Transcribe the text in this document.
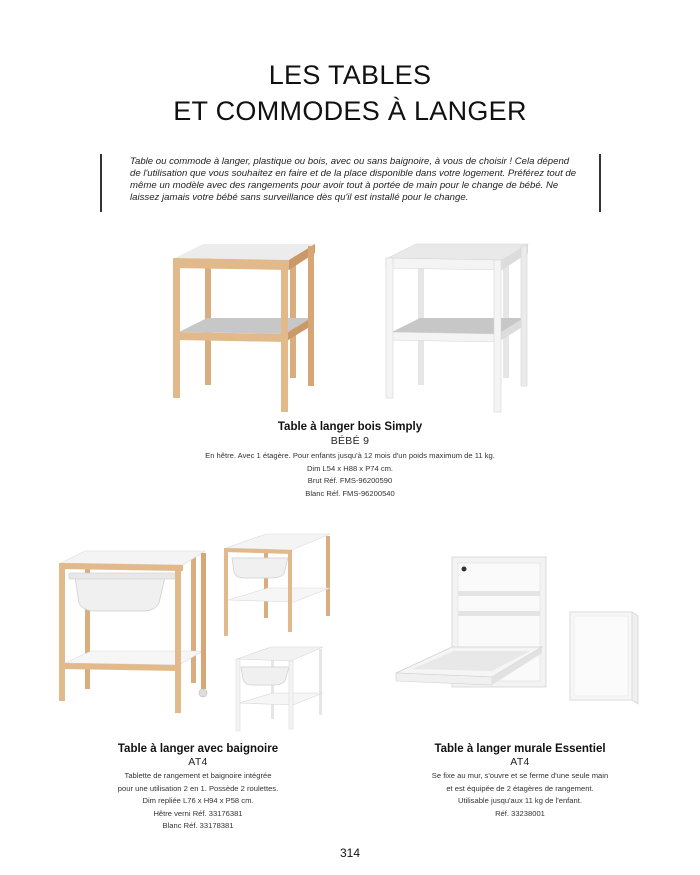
LES TABLES
ET COMMODES À LANGER
Table ou commode à langer, plastique ou bois, avec ou sans baignoire, à vous de choisir ! Cela dépend de l'utilisation que vous souhaitez en faire et de la place disponible dans votre logement. Préférez tout de même un modèle avec des rangements pour avoir tout à portée de main pour le change de bébé. Ne laissez jamais votre bébé sans surveillance dès qu'il est installé pour le change.
Table à langer bois Simply
BÉBÉ 9
En hêtre. Avec 1 étagère. Pour enfants jusqu'à 12 mois d'un poids maximum de 11 kg.
Dim L54 x H88 x P74 cm.
Brut Réf. FMS-96200590
Blanc Réf. FMS-96200540
Table à langer avec baignoire
AT4
Tablette de rangement et baignoire intégrée
pour une utilisation 2 en 1. Possède 2 roulettes.
Dim repliée L76 x H94 x P58 cm.
Hêtre verni Réf. 33176381
Blanc Réf. 33178381
Table à langer murale Essentiel
AT4
Se fixe au mur, s'ouvre et se ferme d'une seule main
et est équipée de 2 étagères de rangement.
Utilisable jusqu'aux 11 kg de l'enfant.
Réf. 33238001
314
